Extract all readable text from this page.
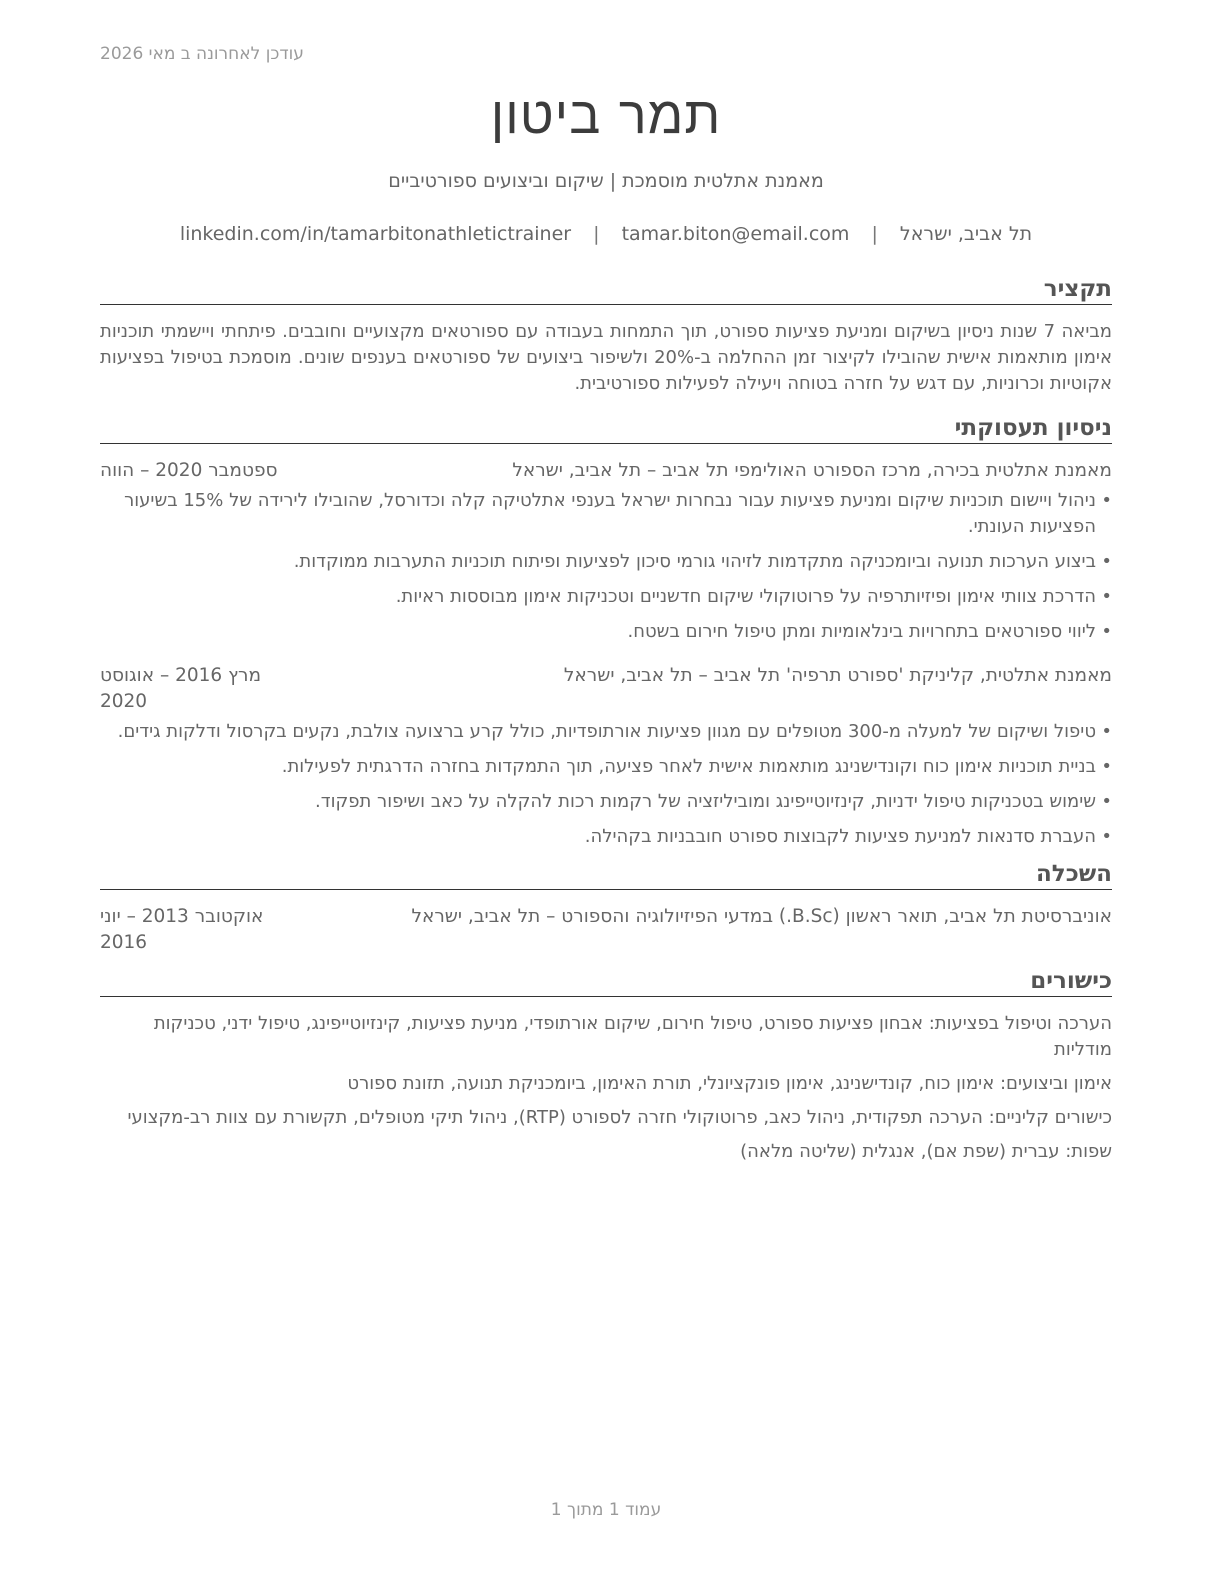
עודכן לאחרונה ב מאי 2026
תמר ביטון
מאמנת אתלטית מוסמכת | שיקום וביצועים ספורטיביים
תל אביב, ישראל | tamar.biton@email.com | linkedin.com/in/tamarbitonathletictrainer
תקציר

מביאה 7 שנות ניסיון בשיקום ומניעת פציעות ספורט, תוך התמחות בעבודה עם ספורטאים מקצועיים וחובבים. פיתחתי ויישמתי תוכניות אימון מותאמות אישית שהובילו לקיצור זמן ההחלמה ב-20% ולשיפור ביצועים של ספורטאים בענפים שונים. מוסמכת בטיפול בפציעות אקוטיות וכרוניות, עם דגש על חזרה בטוחה ויעילה לפעילות ספורטיבית.

ניסיון תעסוקתי
מאמנת אתלטית בכירה, מרכז הספורט האולימפי תל אביב – תל אביב, ישראל
ספטמבר 2020 – הווה
• ניהול ויישום תוכניות שיקום ומניעת פציעות עבור נבחרות ישראל בענפי אתלטיקה קלה וכדורסל, שהובילו לירידה של 15% בשיעור הפציעות העונתי.
• ביצוע הערכות תנועה וביומכניקה מתקדמות לזיהוי גורמי סיכון לפציעות ופיתוח תוכניות התערבות ממוקדות.
• הדרכת צוותי אימון ופיזיותרפיה על פרוטוקולי שיקום חדשניים וטכניקות אימון מבוססות ראיות.
• ליווי ספורטאים בתחרויות בינלאומיות ומתן טיפול חירום בשטח.
מאמנת אתלטית, קליניקת 'ספורט תרפיה' תל אביב – תל אביב, ישראל
מרץ 2016 – אוגוסט 2020
• טיפול ושיקום של למעלה מ-300 מטופלים עם מגוון פציעות אורתופדיות, כולל קרע ברצועה צולבת, נקעים בקרסול ודלקות גידים.
• בניית תוכניות אימון כוח וקונדישנינג מותאמות אישית לאחר פציעה, תוך התמקדות בחזרה הדרגתית לפעילות.
• שימוש בטכניקות טיפול ידניות, קינזיוטייפינג ומוביליזציה של רקמות רכות להקלה על כאב ושיפור תפקוד.
• העברת סדנאות למניעת פציעות לקבוצות ספורט חובבניות בקהילה.
השכלה
אוניברסיטת תל אביב, תואר ראשון (B.Sc.) במדעי הפיזיולוגיה והספורט – תל אביב, ישראל
אוקטובר 2013 – יוני 2016
כישורים
הערכה וטיפול בפציעות: אבחון פציעות ספורט, טיפול חירום, שיקום אורתופדי, מניעת פציעות, קינזיוטייפינג, טיפול ידני, טכניקות מודליות
אימון וביצועים: אימון כוח, קונדישנינג, אימון פונקציונלי, תורת האימון, ביומכניקת תנועה, תזונת ספורט
כישורים קליניים: הערכה תפקודית, ניהול כאב, פרוטוקולי חזרה לספורט (RTP), ניהול תיקי מטופלים, תקשורת עם צוות רב-מקצועי
שפות: עברית (שפת אם), אנגלית (שליטה מלאה)
עמוד 1 מתוך 1
